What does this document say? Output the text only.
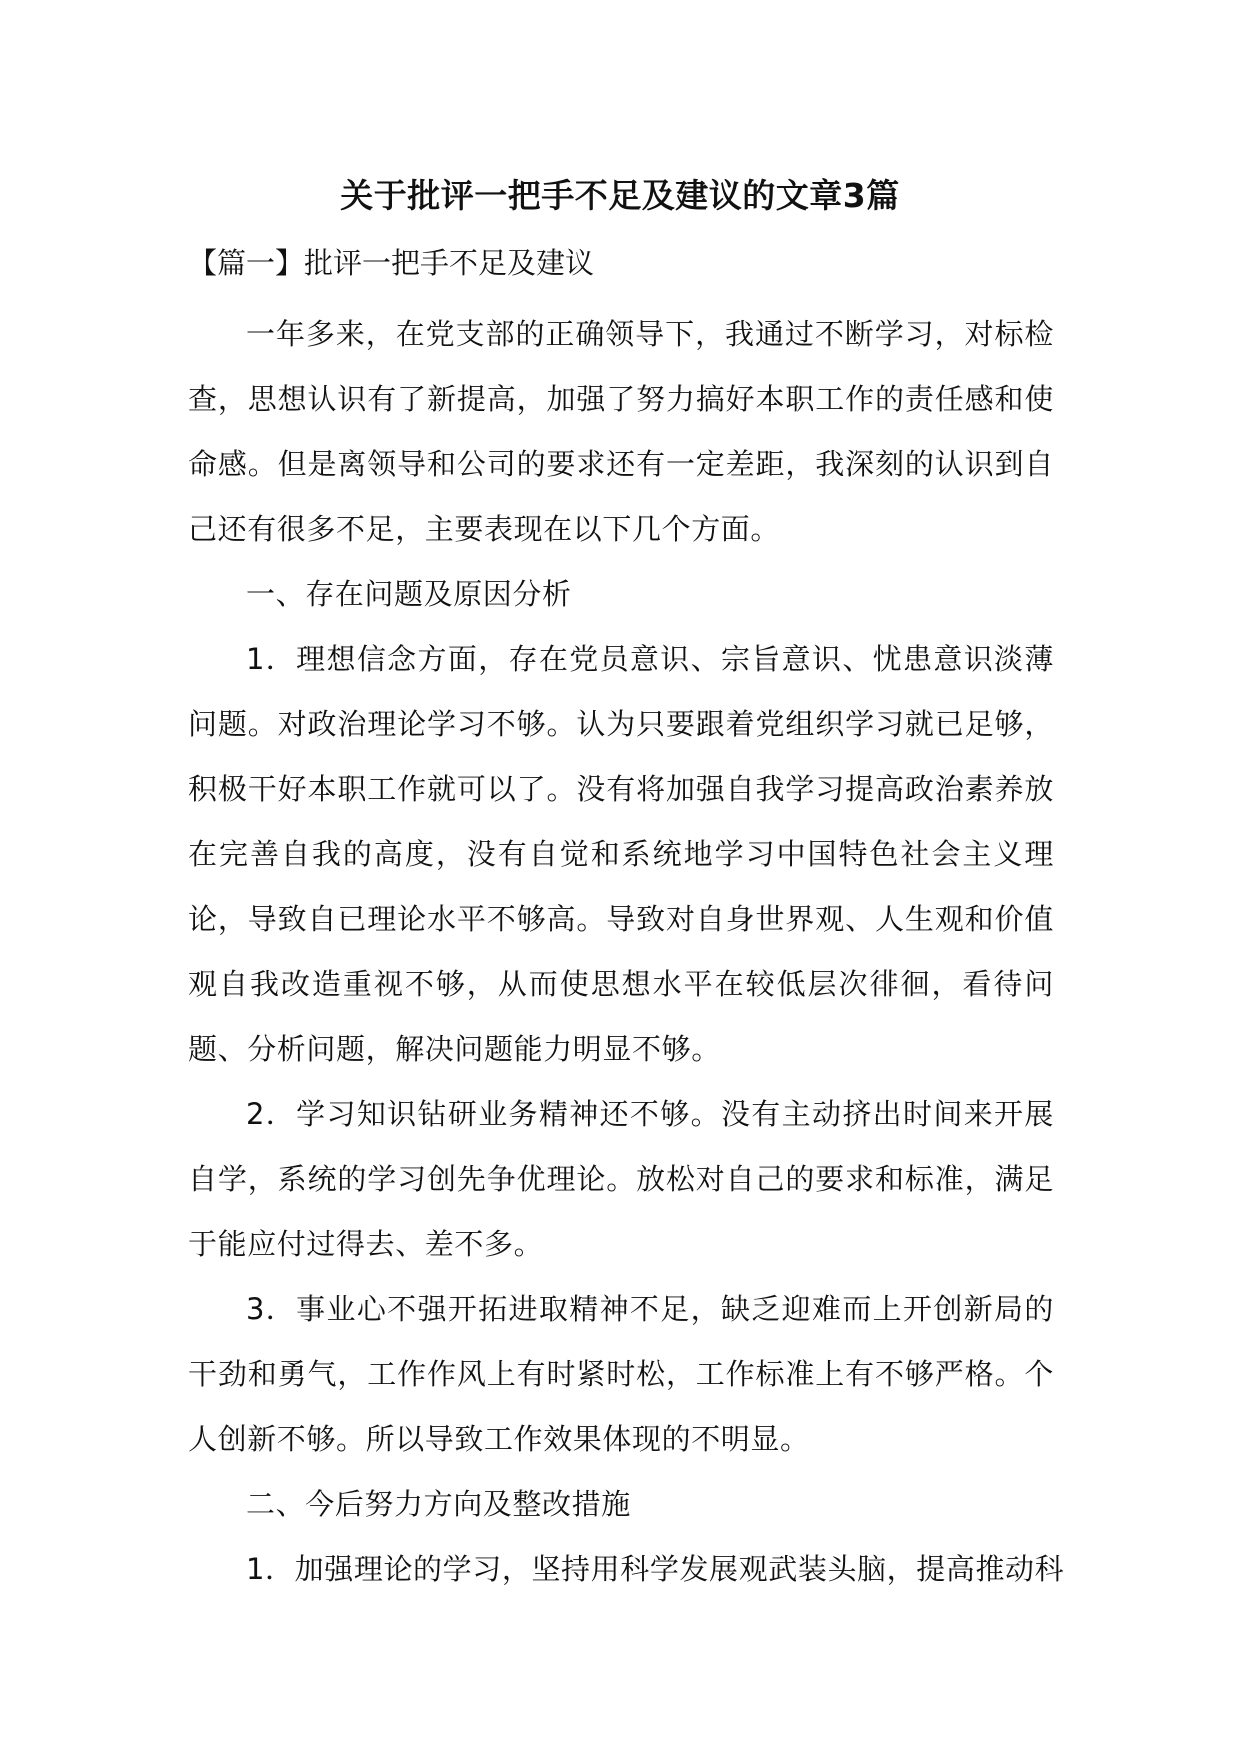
关于批评一把手不足及建议的文章3篇
【篇一】批评一把手不足及建议

一年多来，在党支部的正确领导下，我通过不断学习，对标检查，思想认识有了新提高，加强了努力搞好本职工作的责任感和使命感。但是离领导和公司的要求还有一定差距，我深刻的认识到自己还有很多不足，主要表现在以下几个方面。

一、存在问题及原因分析

1．理想信念方面，存在党员意识、宗旨意识、忧患意识淡薄问题。对政治理论学习不够。认为只要跟着党组织学习就已足够，积极干好本职工作就可以了。没有将加强自我学习提高政治素养放在完善自我的高度，没有自觉和系统地学习中国特色社会主义理论，导致自已理论水平不够高。导致对自身世界观、人生观和价值观自我改造重视不够，从而使思想水平在较低层次徘徊，看待问题、分析问题，解决问题能力明显不够。

2．学习知识钻研业务精神还不够。没有主动挤出时间来开展自学，系统的学习创先争优理论。放松对自己的要求和标准，满足于能应付过得去、差不多。

3．事业心不强开拓进取精神不足，缺乏迎难而上开创新局的干劲和勇气，工作作风上有时紧时松，工作标准上有不够严格。个人创新不够。所以导致工作效果体现的不明显。

二、今后努力方向及整改措施

1．加强理论的学习，坚持用科学发展观武装头脑，提高推动科
